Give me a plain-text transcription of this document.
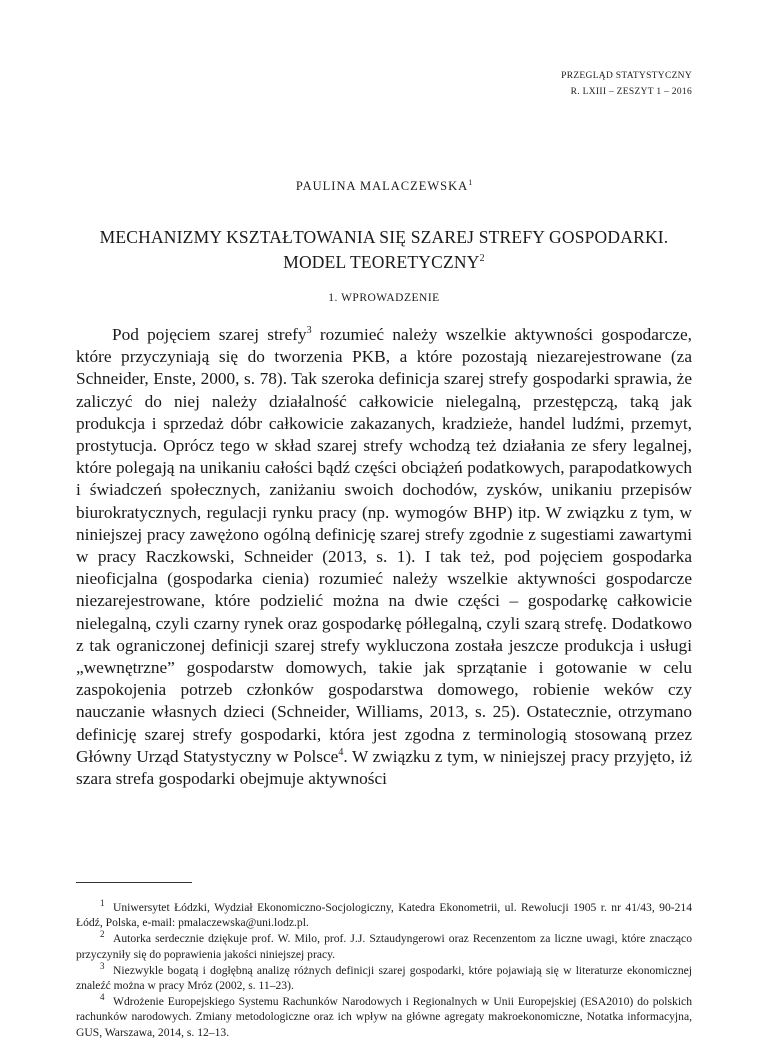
PRZEGLĄD STATYSTYCZNY
R. LXIII – ZESZYT 1 – 2016
PAULINA MALACZEWSKA$^1$
MECHANIZMY KSZTAŁTOWANIA SIĘ SZAREJ STREFY GOSPODARKI.
MODEL TEORETYCZNY$^2$
1. WPROWADZENIE

Pod pojęciem szarej strefy$^3$ rozumieć należy wszelkie aktywności gospodarcze, które przyczyniają się do tworzenia PKB, a które pozostają niezarejestrowane (za Schneider, Enste, 2000, s. 78). Tak szeroka definicja szarej strefy gospodarki sprawia, że zaliczyć do niej należy działalność całkowicie nielegalną, przestępczą, taką jak produkcja i sprzedaż dóbr całkowicie zakazanych, kradzieże, handel ludźmi, przemyt, prostytucja. Oprócz tego w skład szarej strefy wchodzą też działania ze sfery legalnej, które polegają na unikaniu całości bądź części obciążeń podatkowych, parapodatkowych i świadczeń społecznych, zaniżaniu swoich dochodów, zysków, unikaniu przepisów biurokratycznych, regulacji rynku pracy (np. wymogów BHP) itp. W związku z tym, w niniejszej pracy zawężono ogólną definicję szarej strefy zgodnie z sugestiami zawartymi w pracy Raczkowski, Schneider (2013, s. 1). I tak też, pod pojęciem gospodarka nieoficjalna (gospodarka cienia) rozumieć należy wszelkie aktywności gospodarcze niezarejestrowane, które podzielić można na dwie części – gospodarkę całkowicie nielegalną, czyli czarny rynek oraz gospodarkę półlegalną, czyli szarą strefę. Dodatkowo z tak ograniczonej definicji szarej strefy wykluczona została jeszcze produkcja i usługi „wewnętrzne” gospodarstw domowych, takie jak sprzątanie i gotowanie w celu zaspokojenia potrzeb członków gospodarstwa domowego, robienie weków czy nauczanie własnych dzieci (Schneider, Williams, 2013, s. 25). Ostatecznie, otrzymano definicję szarej strefy gospodarki, która jest zgodna z terminologią stosowaną przez Główny Urząd Statystyczny w Polsce$^4$. W związku z tym, w niniejszej pracy przyjęto, iż szara strefa gospodarki obejmuje aktywności

1 Uniwersytet Łódzki, Wydział Ekonomiczno-Socjologiczny, Katedra Ekonometrii, ul. Rewolucji 1905 r. nr 41/43, 90-214 Łódź, Polska, e-mail: pmalaczewska@uni.lodz.pl.

2 Autorka serdecznie dziękuje prof. W. Milo, prof. J.J. Sztaudyngerowi oraz Recenzentom za liczne uwagi, które znacząco przyczyniły się do poprawienia jakości niniejszej pracy.

3 Niezwykle bogatą i dogłębną analizę różnych definicji szarej gospodarki, które pojawiają się w literaturze ekonomicznej znaleźć można w pracy Mróz (2002, s. 11–23).

4 Wdrożenie Europejskiego Systemu Rachunków Narodowych i Regionalnych w Unii Europejskiej (ESA2010) do polskich rachunków narodowych. Zmiany metodologiczne oraz ich wpływ na główne agregaty makroekonomiczne, Notatka informacyjna, GUS, Warszawa, 2014, s. 12–13.
